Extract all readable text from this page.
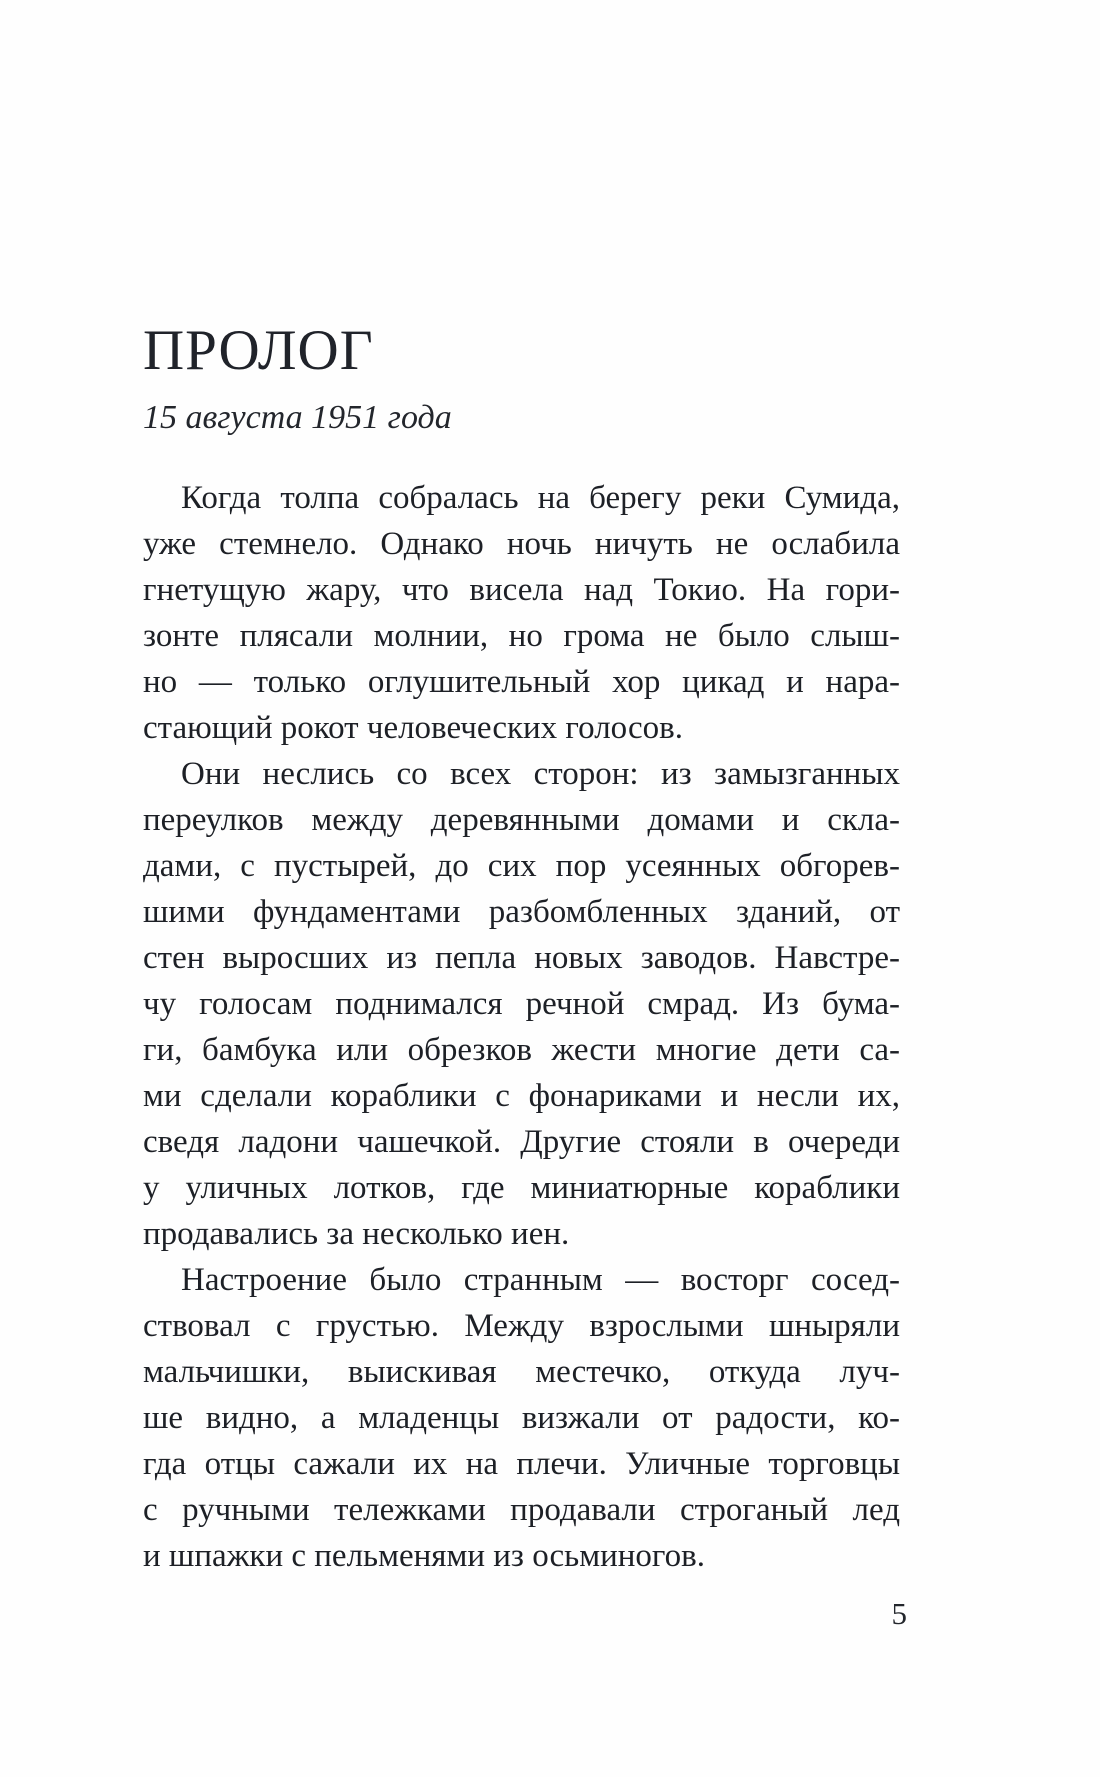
ПРОЛОГ
15 августа 1951 года
Когда толпа собралась на берегу реки Сумида,
уже стемнело. Однако ночь ничуть не ослабила
гнетущую жару, что висела над Токио. На гори-
зонте плясали молнии, но грома не было слыш-
но — только оглушительный хор цикад и нара-
стающий рокот человеческих голосов.
Они неслись со всех сторон: из замызганных
переулков между деревянными домами и скла-
дами, с пустырей, до сих пор усеянных обгорев-
шими фундаментами разбомбленных зданий, от
стен выросших из пепла новых заводов. Навстре-
чу голосам поднимался речной смрад. Из бума-
ги, бамбука или обрезков жести многие дети са-
ми сделали кораблики с фонариками и несли их,
сведя ладони чашечкой. Другие стояли в очереди
у уличных лотков, где миниатюрные кораблики
продавались за несколько иен.
Настроение было странным — восторг сосед-
ствовал с грустью. Между взрослыми шныряли
мальчишки, выискивая местечко, откуда луч-
ше видно, а младенцы визжали от радости, ко-
гда отцы сажали их на плечи. Уличные торговцы
с ручными тележками продавали строганый лед
и шпажки с пельменями из осьминогов.
5
